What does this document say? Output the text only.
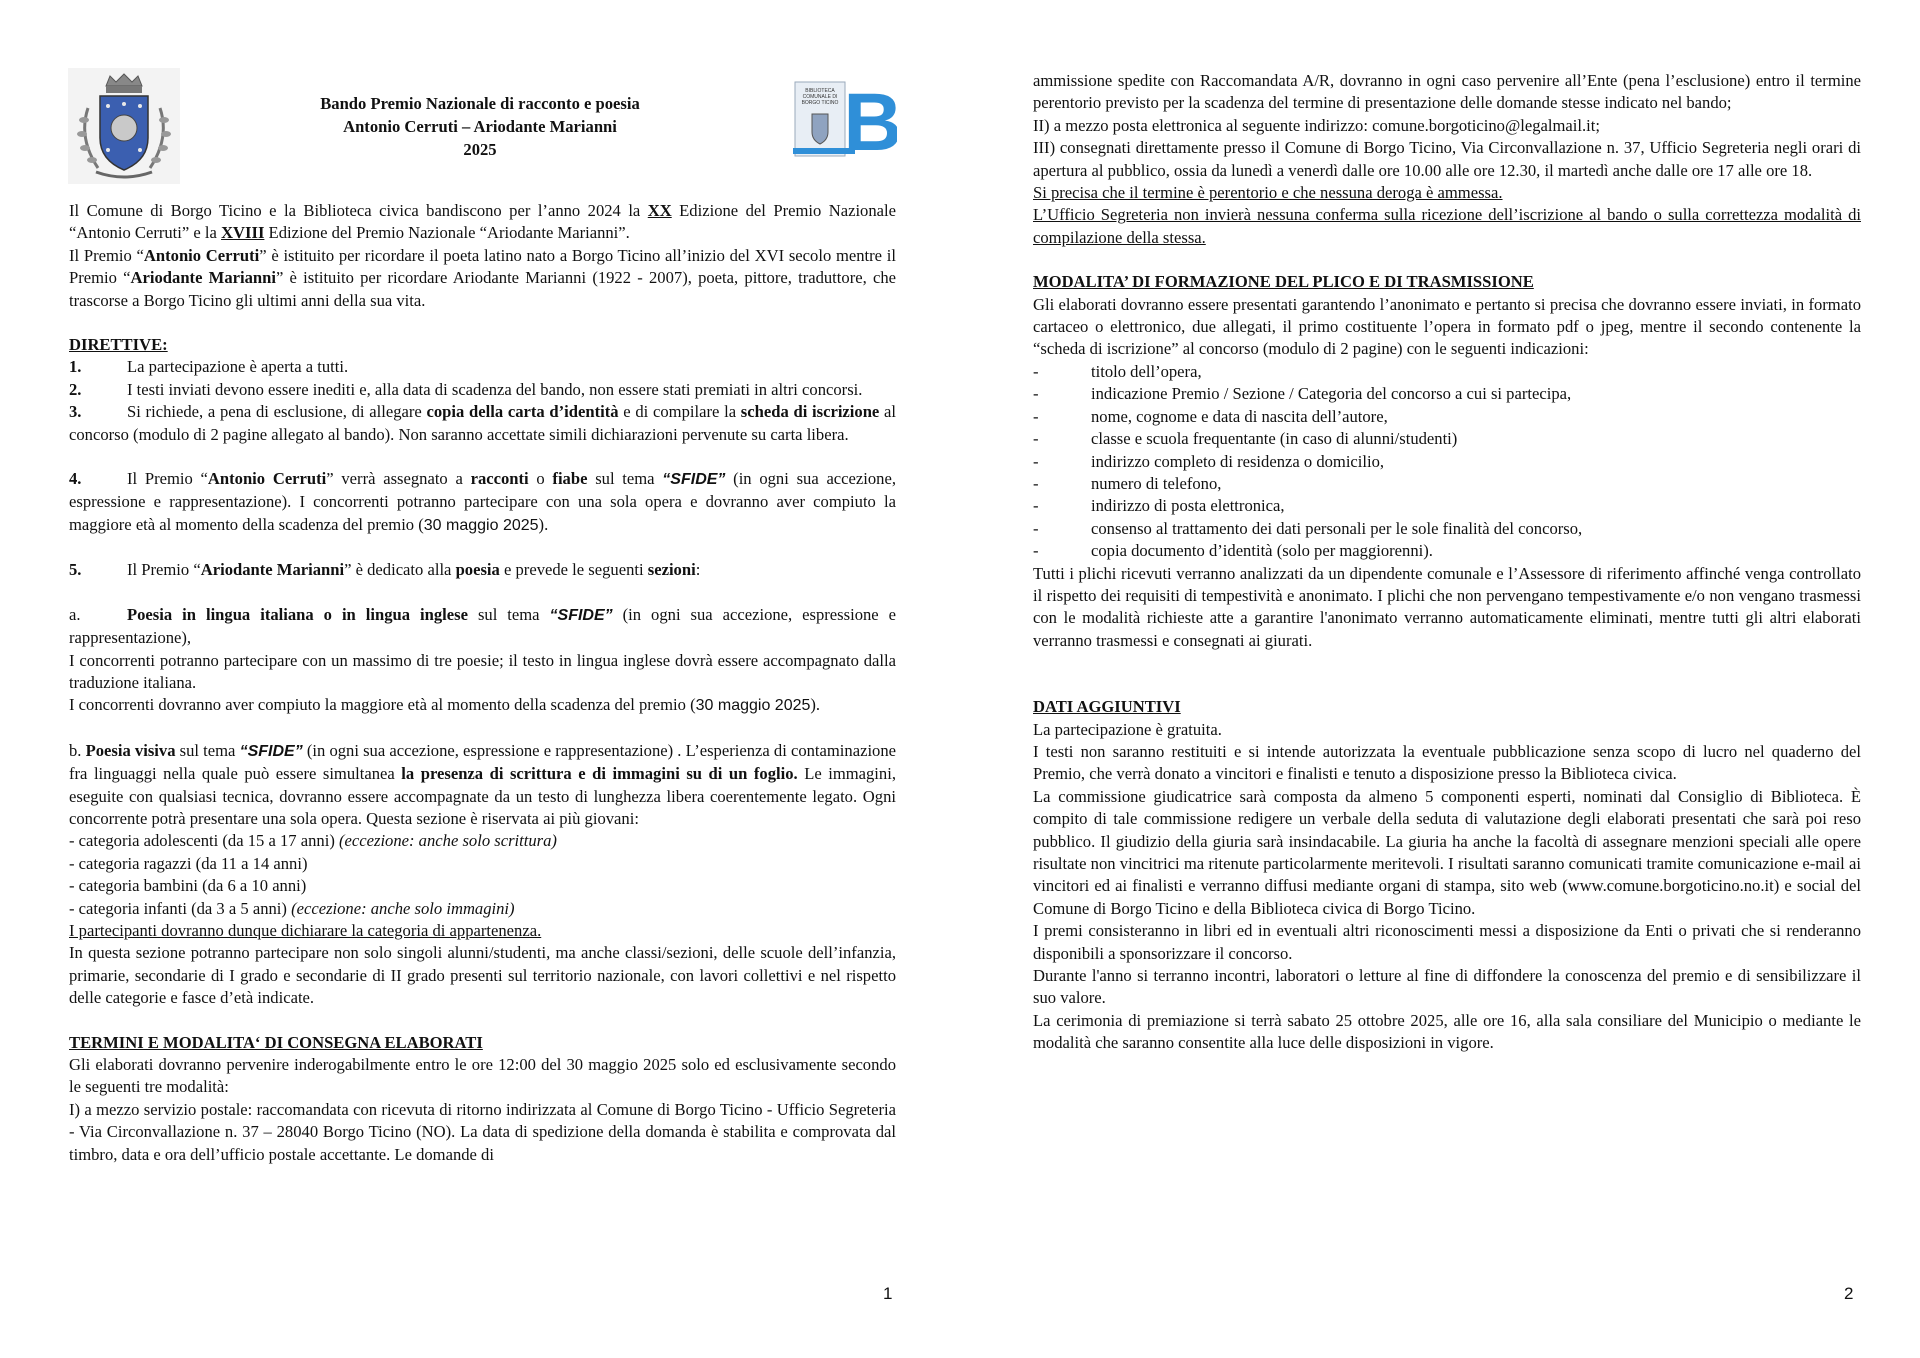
Bando Premio Nazionale di racconto e poesia
Antonio Cerruti – Ariodante Marianni
2025
BIBLIOTECA
COMUNALE DI
BORGO TICINO B

Il Comune di Borgo Ticino e la Biblioteca civica bandiscono per l’anno 2024 la XX Edizione del Premio Nazionale “Antonio Cerruti” e la XVIII Edizione del Premio Nazionale “Ariodante Marianni”.

Il Premio “Antonio Cerruti” è istituito per ricordare il poeta latino nato a Borgo Ticino all’inizio del XVI secolo mentre il Premio “Ariodante Marianni” è istituito per ricordare Ariodante Marianni (1922 - 2007), poeta, pittore, traduttore, che trascorse a Borgo Ticino gli ultimi anni della sua vita.

DIRETTIVE:

1.	La partecipazione è aperta a tutti.

2.	I testi inviati devono essere inediti e, alla data di scadenza del bando, non essere stati premiati in altri concorsi.

3.	Si richiede, a pena di esclusione, di allegare copia della carta d’identità e di compilare la scheda di iscrizione al concorso (modulo di 2 pagine allegato al bando). Non saranno accettate simili dichiarazioni pervenute su carta libera.

4.	Il Premio “Antonio Cerruti” verrà assegnato a racconti o fiabe sul tema “SFIDE” (in ogni sua accezione, espressione e rappresentazione). I concorrenti potranno partecipare con una sola opera e dovranno aver compiuto la maggiore età al momento della scadenza del premio (30 maggio 2025).

5.	Il Premio “Ariodante Marianni” è dedicato alla poesia e prevede le seguenti sezioni:

a.	Poesia in lingua italiana o in lingua inglese sul tema “SFIDE” (in ogni sua accezione, espressione e rappresentazione),

I concorrenti potranno partecipare con un massimo di tre poesie; il testo in lingua inglese dovrà essere accompagnato dalla traduzione italiana.

I concorrenti dovranno aver compiuto la maggiore età al momento della scadenza del premio (30 maggio 2025).

b. Poesia visiva sul tema “SFIDE” (in ogni sua accezione, espressione e rappresentazione) . L’esperienza di contaminazione fra linguaggi nella quale può essere simultanea la presenza di scrittura e di immagini su di un foglio. Le immagini, eseguite con qualsiasi tecnica, dovranno essere accompagnate da un testo di lunghezza libera coerentemente legato. Ogni concorrente potrà presentare una sola opera. Questa sezione è riservata ai più giovani:

- categoria adolescenti (da 15 a 17 anni) (eccezione: anche solo scrittura)
- categoria ragazzi (da 11 a 14 anni)
- categoria bambini (da 6 a 10 anni)
- categoria infanti (da 3 a 5 anni) (eccezione: anche solo immagini)
I partecipanti dovranno dunque dichiarare la categoria di appartenenza.

In questa sezione potranno partecipare non solo singoli alunni/studenti, ma anche classi/sezioni, delle scuole dell’infanzia, primarie, secondarie di I grado e secondarie di II grado presenti sul territorio nazionale, con lavori collettivi e nel rispetto delle categorie e fasce d’età indicate.

TERMINI E MODALITA‘ DI CONSEGNA ELABORATI

Gli elaborati dovranno pervenire inderogabilmente entro le ore 12:00 del 30 maggio 2025 solo ed esclusivamente secondo le seguenti tre modalità:

I) a mezzo servizio postale: raccomandata con ricevuta di ritorno indirizzata al Comune di Borgo Ticino - Ufficio Segreteria - Via Circonvallazione n. 37 – 28040 Borgo Ticino (NO). La data di spedizione della domanda è stabilita e comprovata dal timbro, data e ora dell’ufficio postale accettante. Le domande di

1

ammissione spedite con Raccomandata A/R, dovranno in ogni caso pervenire all’Ente (pena l’esclusione) entro il termine perentorio previsto per la scadenza del termine di presentazione delle domande stesse indicato nel bando;

II) a mezzo posta elettronica al seguente indirizzo: comune.borgoticino@legalmail.it;

III) consegnati direttamente presso il Comune di Borgo Ticino, Via Circonvallazione n. 37, Ufficio Segreteria negli orari di apertura al pubblico, ossia da lunedì a venerdì dalle ore 10.00 alle ore 12.30, il martedì anche dalle ore 17 alle ore 18.

Si precisa che il termine è perentorio e che nessuna deroga è ammessa.

L’Ufficio Segreteria non invierà nessuna conferma sulla ricezione dell’iscrizione al bando o sulla correttezza modalità di compilazione della stessa.

MODALITA’ DI FORMAZIONE DEL PLICO E DI TRASMISSIONE

Gli elaborati dovranno essere presentati garantendo l’anonimato e pertanto si precisa che dovranno essere inviati, in formato cartaceo o elettronico, due allegati, il primo costituente l’opera in formato pdf o jpeg, mentre il secondo contenente la “scheda di iscrizione” al concorso (modulo di 2 pagine) con le seguenti indicazioni:

-	titolo dell’opera,
-	indicazione Premio / Sezione / Categoria del concorso a cui si partecipa,
-	nome, cognome e data di nascita dell’autore,
-	classe e scuola frequentante (in caso di alunni/studenti)
-	indirizzo completo di residenza o domicilio,
-	numero di telefono,
-	indirizzo di posta elettronica,
-	consenso al trattamento dei dati personali per le sole finalità del concorso,
-	copia documento d’identità (solo per maggiorenni).

Tutti i plichi ricevuti verranno analizzati da un dipendente comunale e l’Assessore di riferimento affinché venga controllato il rispetto dei requisiti di tempestività e anonimato. I plichi che non pervengano tempestivamente e/o non vengano trasmessi con le modalità richieste atte a garantire l'anonimato verranno automaticamente eliminati, mentre tutti gli altri elaborati verranno trasmessi e consegnati ai giurati.

DATI AGGIUNTIVI

La partecipazione è gratuita.

I testi non saranno restituiti e si intende autorizzata la eventuale pubblicazione senza scopo di lucro nel quaderno del Premio, che verrà donato a vincitori e finalisti e tenuto a disposizione presso la Biblioteca civica.

La commissione giudicatrice sarà composta da almeno 5 componenti esperti, nominati dal Consiglio di Biblioteca. È compito di tale commissione redigere un verbale della seduta di valutazione degli elaborati presentati che sarà poi reso pubblico. Il giudizio della giuria sarà insindacabile. La giuria ha anche la facoltà di assegnare menzioni speciali alle opere risultate non vincitrici ma ritenute particolarmente meritevoli. I risultati saranno comunicati tramite comunicazione e-mail ai vincitori ed ai finalisti e verranno diffusi mediante organi di stampa, sito web (www.comune.borgoticino.no.it) e social del Comune di Borgo Ticino e della Biblioteca civica di Borgo Ticino.

I premi consisteranno in libri ed in eventuali altri riconoscimenti messi a disposizione da Enti o privati che si renderanno disponibili a sponsorizzare il concorso.

Durante l'anno si terranno incontri, laboratori o letture al fine di diffondere la conoscenza del premio e di sensibilizzare il suo valore.

La cerimonia di premiazione si terrà sabato 25 ottobre 2025, alle ore 16, alla sala consiliare del Municipio o mediante le modalità che saranno consentite alla luce delle disposizioni in vigore.

2
